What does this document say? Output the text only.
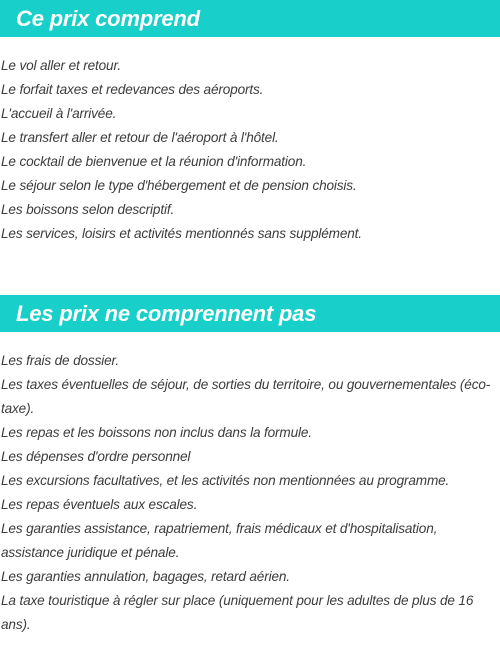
Ce prix comprend
Le vol aller et retour.
Le forfait taxes et redevances des aéroports.
L'accueil à l'arrivée.
Le transfert aller et retour de l'aéroport à l'hôtel.
Le cocktail de bienvenue et la réunion d'information.
Le séjour selon le type d'hébergement et de pension choisis.
Les boissons selon descriptif.
Les services, loisirs et activités mentionnés sans supplément.
Les prix ne comprennent pas
Les frais de dossier.
Les taxes éventuelles de séjour, de sorties du territoire, ou gouvernementales (éco-taxe).
Les repas et les boissons non inclus dans la formule.
Les dépenses d'ordre personnel
Les excursions facultatives, et les activités non mentionnées au programme.
Les repas éventuels aux escales.
Les garanties assistance, rapatriement, frais médicaux et d'hospitalisation, assistance juridique et pénale.
Les garanties annulation, bagages, retard aérien.
La taxe touristique à régler sur place (uniquement pour les adultes de plus de 16 ans).
